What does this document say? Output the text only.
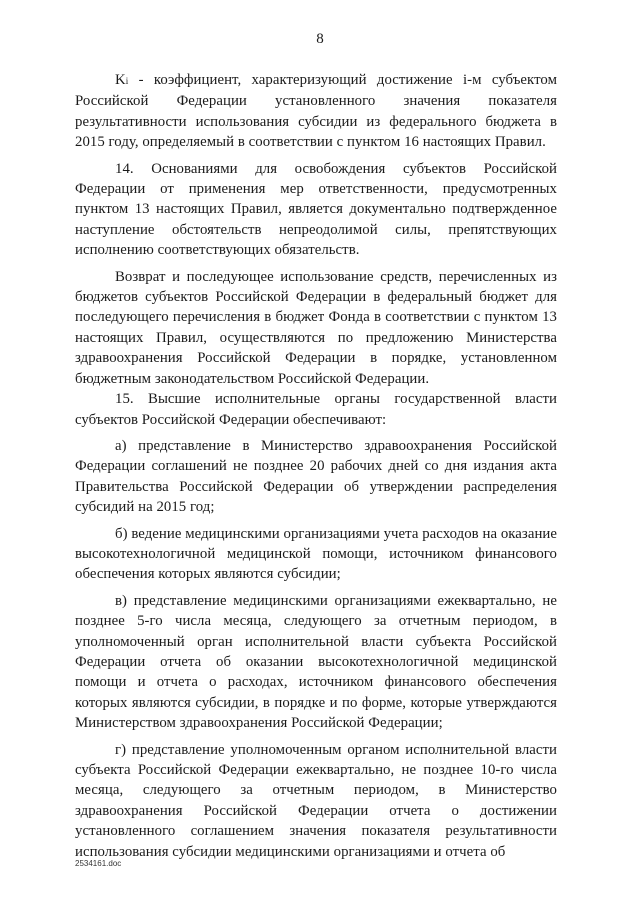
8

Ki - коэффициент, характеризующий достижение i-м субъектом Российской Федерации установленного значения показателя результативности использования субсидии из федерального бюджета в 2015 году, определяемый в соответствии с пунктом 16 настоящих Правил.

14. Основаниями для освобождения субъектов Российской Федерации от применения мер ответственности, предусмотренных пунктом 13 настоящих Правил, является документально подтвержденное наступление обстоятельств непреодолимой силы, препятствующих исполнению соответствующих обязательств.

Возврат и последующее использование средств, перечисленных из бюджетов субъектов Российской Федерации в федеральный бюджет для последующего перечисления в бюджет Фонда в соответствии с пунктом 13 настоящих Правил, осуществляются по предложению Министерства здравоохранения Российской Федерации в порядке, установленном бюджетным законодательством Российской Федерации.

15. Высшие исполнительные органы государственной власти субъектов Российской Федерации обеспечивают:

а) представление в Министерство здравоохранения Российской Федерации соглашений не позднее 20 рабочих дней со дня издания акта Правительства Российской Федерации об утверждении распределения субсидий на 2015 год;

б) ведение медицинскими организациями учета расходов на оказание высокотехнологичной медицинской помощи, источником финансового обеспечения которых являются субсидии;

в) представление медицинскими организациями ежеквартально, не позднее 5-го числа месяца, следующего за отчетным периодом, в уполномоченный орган исполнительной власти субъекта Российской Федерации отчета об оказании высокотехнологичной медицинской помощи и отчета о расходах, источником финансового обеспечения которых являются субсидии, в порядке и по форме, которые утверждаются Министерством здравоохранения Российской Федерации;

г) представление уполномоченным органом исполнительной власти субъекта Российской Федерации ежеквартально, не позднее 10-го числа месяца, следующего за отчетным периодом, в Министерство здравоохранения Российской Федерации отчета о достижении установленного соглашением значения показателя результативности использования субсидии медицинскими организациями и отчета об

2534161.doc
